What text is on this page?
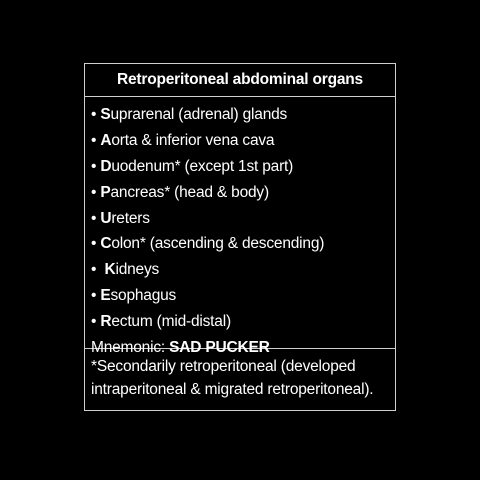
Retroperitoneal abdominal organs
• Suprarenal (adrenal) glands
• Aorta & inferior vena cava
• Duodenum* (except 1st part)
• Pancreas* (head & body)
• Ureters
• Colon* (ascending & descending)
•  Kidneys
• Esophagus
• Rectum (mid-distal)
Mnemonic: SAD PUCKER
*Secondarily retroperitoneal (developed
intraperitoneal & migrated retroperitoneal).
